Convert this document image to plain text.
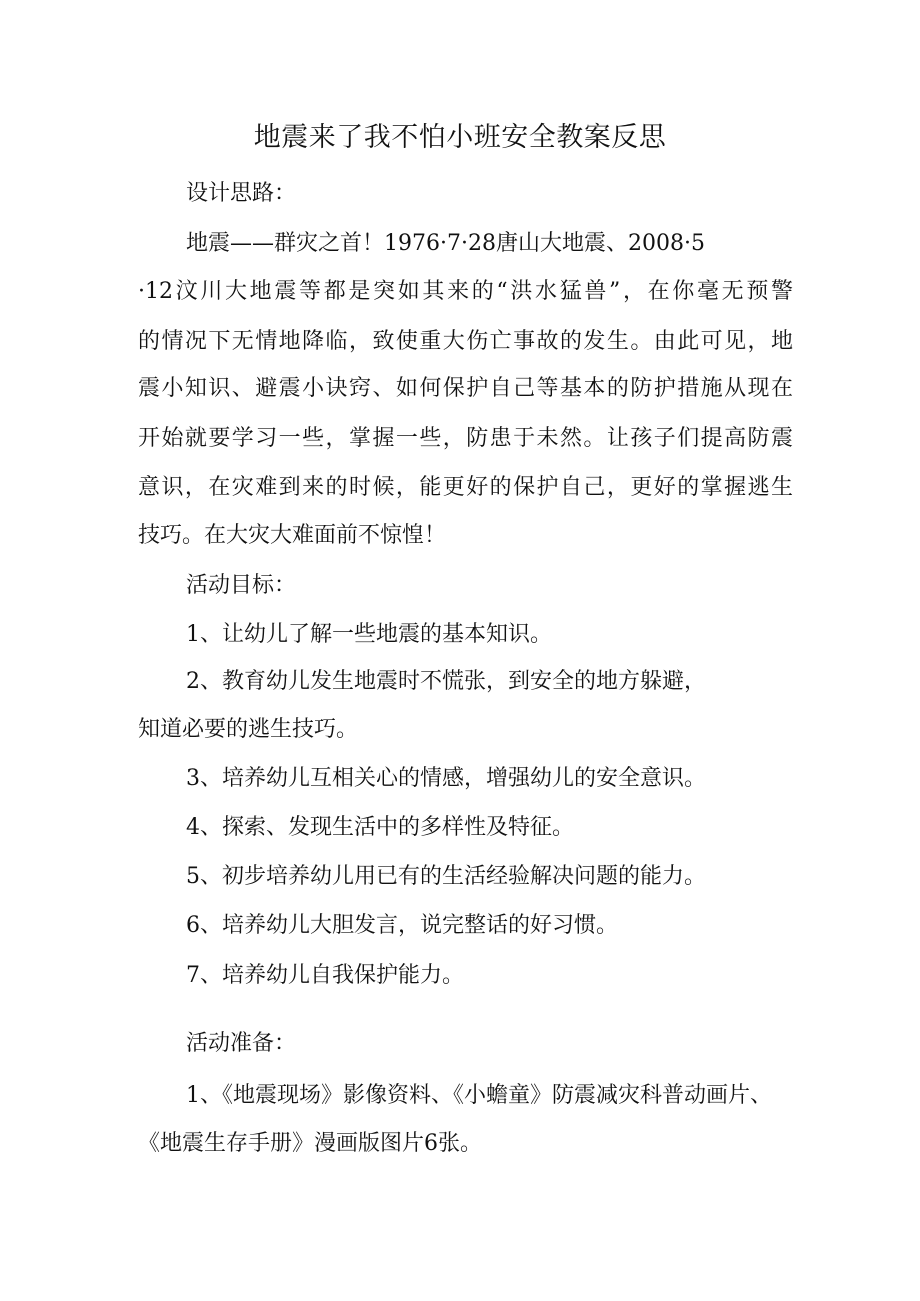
地震来了我不怕小班安全教案反思
设计思路：
地震——群灾之首！1976·7·28唐山大地震、2008·5
·12汶川大地震等都是突如其来的“洪水猛兽”，在你毫无预警
的情况下无情地降临，致使重大伤亡事故的发生。由此可见，地
震小知识、避震小诀窍、如何保护自己等基本的防护措施从现在
开始就要学习一些，掌握一些，防患于未然。让孩子们提高防震
意识，在灾难到来的时候，能更好的保护自己，更好的掌握逃生
技巧。在大灾大难面前不惊惶！
活动目标：
1、让幼儿了解一些地震的基本知识。
2、教育幼儿发生地震时不慌张，到安全的地方躲避，
知道必要的逃生技巧。
3、培养幼儿互相关心的情感，增强幼儿的安全意识。
4、探索、发现生活中的多样性及特征。
5、初步培养幼儿用已有的生活经验解决问题的能力。
6、培养幼儿大胆发言，说完整话的好习惯。
7、培养幼儿自我保护能力。
活动准备：
1、《地震现场》影像资料、《小蟾童》防震减灾科普动画片、
《地震生存手册》漫画版图片6张。
